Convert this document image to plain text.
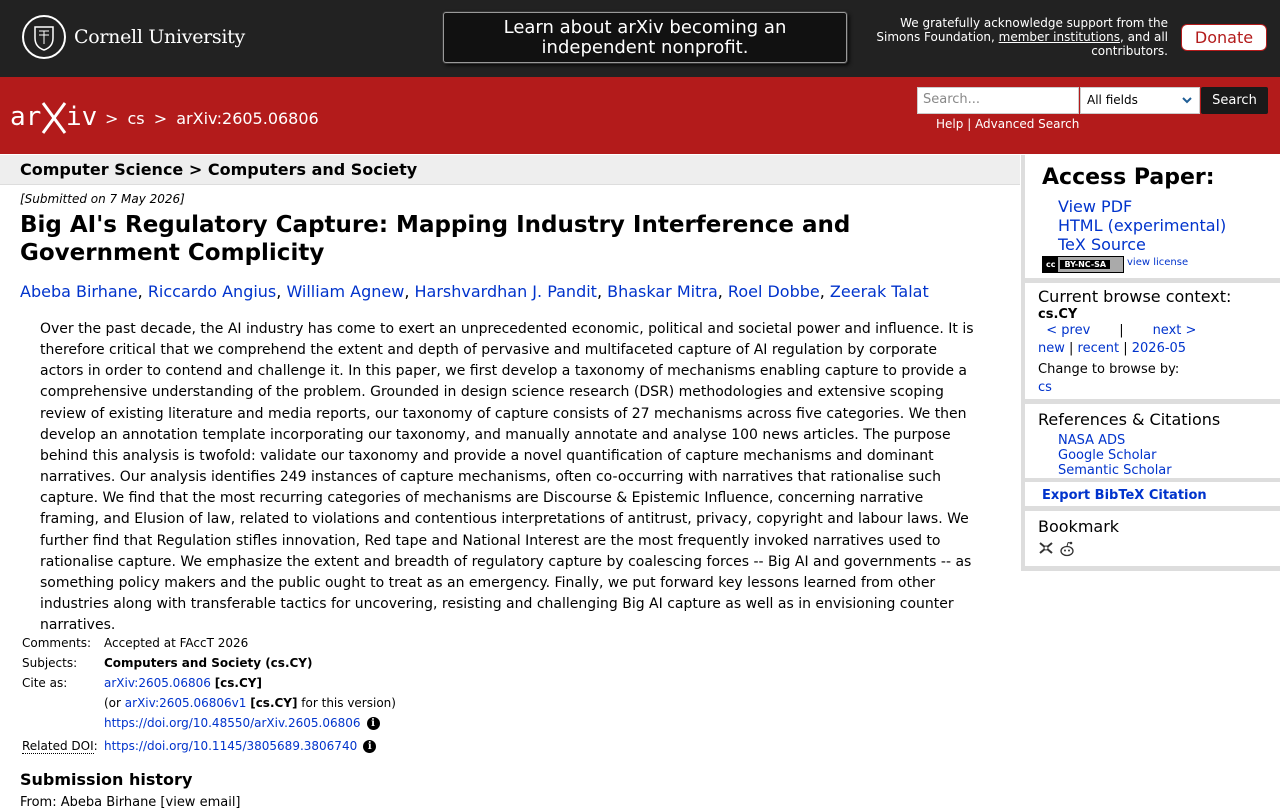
Cornell University	Learn about arXiv becoming an independent nonprofit.
We gratefully acknowledge support from the Simons Foundation, member institutions, and all contributors.
Donate
ar iv > cs > arXiv:2605.06806
Search...	All fields	Search
Help | Advanced Search
Computer Science > Computers and Society
[Submitted on 7 May 2026]
Big AI's Regulatory Capture: Mapping Industry Interference and Government Complicity
Abeba Birhane, Riccardo Angius, William Agnew, Harshvardhan J. Pandit, Bhaskar Mitra, Roel Dobbe, Zeerak Talat

Over the past decade, the AI industry has come to exert an unprecedented economic, political and societal power and influence. It is therefore critical that we comprehend the extent and depth of pervasive and multifaceted capture of AI regulation by corporate actors in order to contend and challenge it. In this paper, we first develop a taxonomy of mechanisms enabling capture to provide a comprehensive understanding of the problem. Grounded in design science research (DSR) methodologies and extensive scoping review of existing literature and media reports, our taxonomy of capture consists of 27 mechanisms across five categories. We then develop an annotation template incorporating our taxonomy, and manually annotate and analyse 100 news articles. The purpose behind this analysis is twofold: validate our taxonomy and provide a novel quantification of capture mechanisms and dominant narratives. Our analysis identifies 249 instances of capture mechanisms, often co-occurring with narratives that rationalise such capture. We find that the most recurring categories of mechanisms are Discourse & Epistemic Influence, concerning narrative framing, and Elusion of law, related to violations and contentious interpretations of antitrust, privacy, copyright and labour laws. We further find that Regulation stifles innovation, Red tape and National Interest are the most frequently invoked narratives used to rationalise capture. We emphasize the extent and breadth of regulatory capture by coalescing forces -- Big AI and governments -- as something policy makers and the public ought to treat as an emergency. Finally, we put forward key lessons learned from other industries along with transferable tactics for uncovering, resisting and challenging Big AI capture as well as in envisioning counter narratives.

Comments:	Accepted at FAccT 2026
Subjects:	Computers and Society (cs.CY)
Cite as:	arXiv:2605.06806 [cs.CY]
	(or arXiv:2605.06806v1 [cs.CY] for this version)
	https://doi.org/10.48550/arXiv.2605.06806 i
Related DOI:	https://doi.org/10.1145/3805689.3806740 i
Submission history
From: Abeba Birhane [view email]
Access Paper:
View PDF
HTML (experimental)
TeX Source
cc	BY-NC-SA	view license
Current browse context:
cs.CY
< prev | next >
new | recent | 2026-05
Change to browse by:
cs
References & Citations
NASA ADS
Google Scholar
Semantic Scholar
Export BibTeX Citation
Bookmark
